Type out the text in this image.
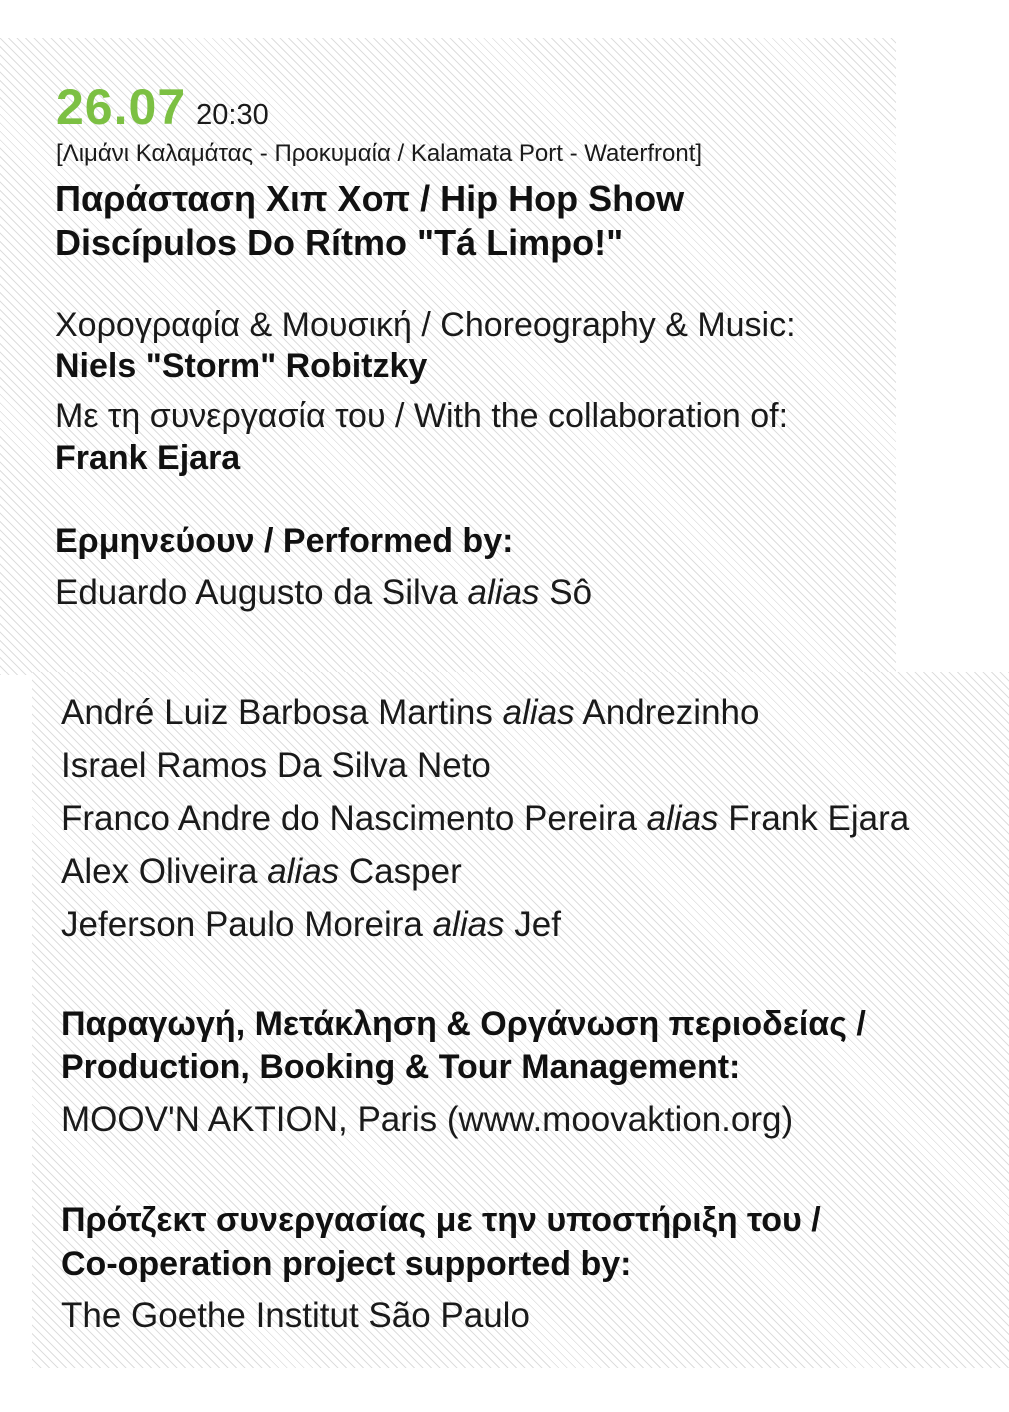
26.07 20:30
[Λιμάνι Καλαμάτας - Προκυμαία / Kalamata Port - Waterfront]
Παράσταση Χιπ Χοπ / Hip Hop Show
Discípulos Do Rítmo "Tá Limpo!"
Χορογραφία & Μουσική / Choreography & Music:
Niels "Storm" Robitzky
Με τη συνεργασία του / With the collaboration of:
Frank Ejara
Ερμηνεύουν / Performed by:
Eduardo Augusto da Silva alias Sô
André Luiz Barbosa Martins alias Andrezinho
Israel Ramos Da Silva Neto
Franco Andre do Nascimento Pereira alias Frank Ejara
Alex Oliveira alias Casper
Jeferson Paulo Moreira alias Jef
Παραγωγή, Μετάκληση & Οργάνωση περιοδείας /
Production, Booking & Tour Management:
MOOV'N AKTION, Paris (www.moovaktion.org)
Πρότζεκτ συνεργασίας με την υποστήριξη του /
Co-operation project supported by:
The Goethe Institut São Paulo
